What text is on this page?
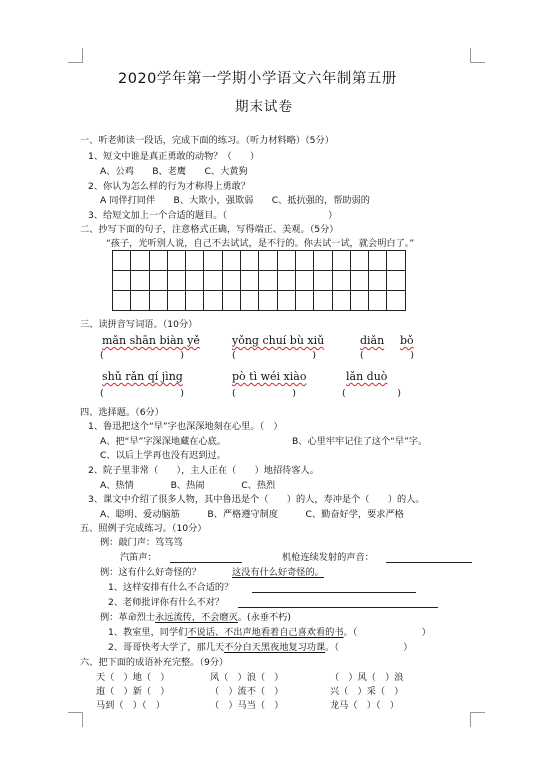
2020学年第一学期小学语文六年制第五册
期末试卷
一、听老师读一段话，完成下面的练习。（听力材料略）（5分）
1、短文中谁是真正勇敢的动物？（　　）
A、公鸡　　B、老鹰　　C、大黄狗
2、你认为怎么样的行为才称得上勇敢？
A 同伴打同伴　　B、大欺小，强欺弱　　C、抵抗强的，帮助弱的
3、给短文加上一个合适的题目。（　　　　　　　　　　　）
二、抄写下面的句子，注意格式正确，写得端正、美观。（5分）
“孩子，光听别人说，自己不去试试，是不行的。你去试一试，就会明白了。”

三、读拼音写词语。（10分）
mǎn shān biàn yě	yǒng chuí bù xiǔ	diǎn bǒ
(　　　　)	(　　　　)	(　　　　)
shǔ rǎn qí jìng	pò tì wéi xiào	lǎn duò
(　　　　)	(　　　　)	(　　　　)
四、选择题。（6分）
1、鲁迅把这个“早”字也深深地刻在心里。（　）
A、把“早”字深深地藏在心底。	B、心里牢牢记住了这个“早”字。
C、以后上学再也没有迟到过。
2、院子里非常（　　），主人正在（　　）地招待客人。
A、热情　　　　B、热闹　　　　C、热烈
3、课文中介绍了很多人物，其中鲁迅是个（　　）的人，寿冲是个（　　）的人。
A、聪明、爱动脑筋　　　B、严格遵守制度　　　C、勤奋好学，要求严格
五、照例子完成练习。（10分）
例：敲门声：笃笃笃
汽笛声：	机枪连续发射的声音：
例：这有什么好奇怪的？	这没有什么好奇怪的。
1、这样安排有什么不合适的？
2、老师批评你有什么不对？
例：革命烈士永远流传，不会磨灭。(永垂不朽)
1、教室里，同学们不说话、不出声地看着自己喜欢看的书。（　　　　　　　）
2、哥哥快考大学了，那几天不分白天黑夜地复习功课。（　　　　　　　）
六、把下面的成语补充完整。（9分）
天（　）地（　）	风（　）浪（　）	（　）风（　）浪
迶（　）新（　）	（　）流不（　）	兴（　）采（　）
马到（　）（　）	（　）马当（　）	龙马（　）（　）
